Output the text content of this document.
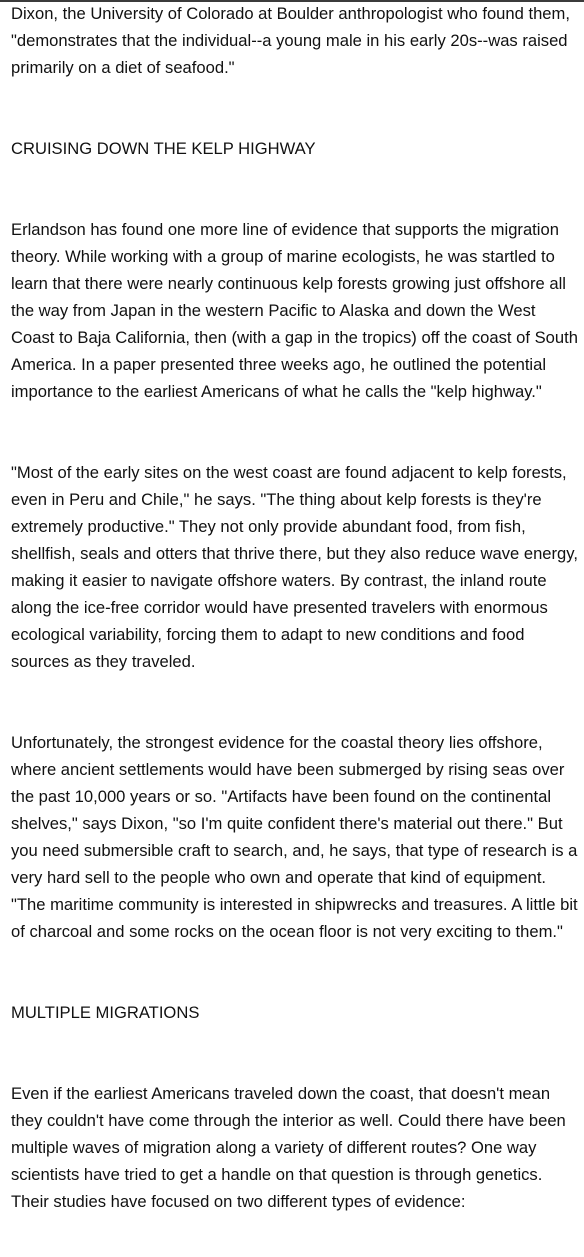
Dixon, the University of Colorado at Boulder anthropologist who found them, "demonstrates that the individual--a young male in his early 20s--was raised primarily on a diet of seafood."

CRUISING DOWN THE KELP HIGHWAY

Erlandson has found one more line of evidence that supports the migration theory. While working with a group of marine ecologists, he was startled to learn that there were nearly continuous kelp forests growing just offshore all the way from Japan in the western Pacific to Alaska and down the West Coast to Baja California, then (with a gap in the tropics) off the coast of South America. In a paper presented three weeks ago, he outlined the potential importance to the earliest Americans of what he calls the "kelp highway."

"Most of the early sites on the west coast are found adjacent to kelp forests, even in Peru and Chile," he says. "The thing about kelp forests is they're extremely productive." They not only provide abundant food, from fish, shellfish, seals and otters that thrive there, but they also reduce wave energy, making it easier to navigate offshore waters. By contrast, the inland route along the ice-free corridor would have presented travelers with enormous ecological variability, forcing them to adapt to new conditions and food sources as they traveled.

Unfortunately, the strongest evidence for the coastal theory lies offshore, where ancient settlements would have been submerged by rising seas over the past 10,000 years or so. "Artifacts have been found on the continental shelves," says Dixon, "so I'm quite confident there's material out there." But you need submersible craft to search, and, he says, that type of research is a very hard sell to the people who own and operate that kind of equipment. "The maritime community is interested in shipwrecks and treasures. A little bit of charcoal and some rocks on the ocean floor is not very exciting to them."

MULTIPLE MIGRATIONS

Even if the earliest Americans traveled down the coast, that doesn't mean they couldn't have come through the interior as well. Could there have been multiple waves of migration along a variety of different routes? One way scientists have tried to get a handle on that question is through genetics. Their studies have focused on two different types of evidence:
